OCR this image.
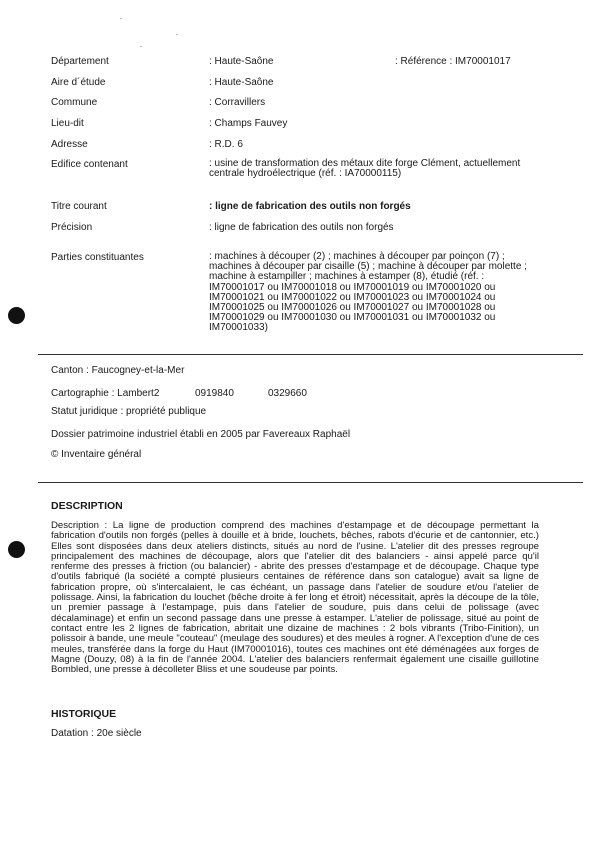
Département	: Haute-Saône	: Référence : IM70001017
Aire d´étude	: Haute-Saône
Commune	: Corravillers
Lieu-dit	: Champs Fauvey
Adresse	: R.D. 6
Edifice contenant	: usine de transformation des métaux dite forge Clément, actuellement centrale hydroélectrique (réf. : IA70000115)
Titre courant	: ligne de fabrication des outils non forgés
Précision	: ligne de fabrication des outils non forgés
Parties constituantes	: machines à découper (2) ; machines à découper par poinçon (7) ; machines à découper par cisaille (5) ; machine à découper par molette ; machine à estampiller ; machines à estamper (8), étudié (réf. : IM70001017 ou IM70001018 ou IM70001019 ou IM70001020 ou IM70001021 ou IM70001022 ou IM70001023 ou IM70001024 ou IM70001025 ou IM70001026 ou IM70001027 ou IM70001028 ou IM70001029 ou IM70001030 ou IM70001031 ou IM70001032 ou IM70001033)
Canton : Faucogney-et-la-Mer
Cartographie : Lambert2	0919840	0329660
Statut juridique : propriété publique
Dossier patrimoine industriel établi en 2005 par Favereaux Raphaël
© Inventaire général
DESCRIPTION
Description : La ligne de production comprend des machines d'estampage et de découpage permettant la fabrication d'outils non forgés (pelles à douille et à bride, louchets, bêches, rabots d'écurie et de cantonnier, etc.) Elles sont disposées dans deux ateliers distincts, situés au nord de l'usine. L'atelier dit des presses regroupe principalement des machines de découpage, alors que l'atelier dit des balanciers - ainsi appelé parce qu'il renferme des presses à friction (ou balancier) - abrite des presses d'estampage et de découpage. Chaque type d'outils fabriqué (la société a compté plusieurs centaines de référence dans son catalogue) avait sa ligne de fabrication propre, où s'intercalaient, le cas échéant, un passage dans l'atelier de soudure et/ou l'atelier de polissage. Ainsi, la fabrication du louchet (bêche droite à fer long et étroit) nécessitait, après la découpe de la tôle, un premier passage à l'estampage, puis dans l'atelier de soudure, puis dans celui de polissage (avec décalaminage) et enfin un second passage dans une presse à estamper. L'atelier de polissage, situé au point de contact entre les 2 lignes de fabrication, abritait une dizaine de machines : 2 bols vibrants (Tribo-Finition), un polissoir à bande, une meule "couteau" (meulage des soudures) et des meules à rogner. A l'exception d'une de ces meules, transférée dans la forge du Haut (IM70001016), toutes ces machines ont été déménagées aux forges de Magne (Douzy, 08) à la fin de l'année 2004. L'atelier des balanciers renfermait également une cisaille guillotine Bombled, une presse à décolleter Bliss et une soudeuse par points.
HISTORIQUE
Datation : 20e siècle
